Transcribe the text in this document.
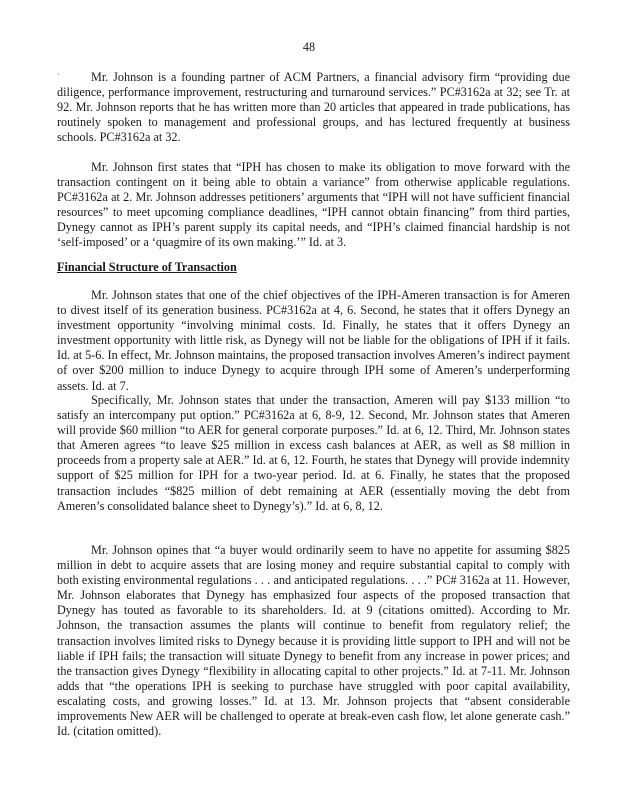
48
·	Mr. Johnson is a founding partner of ACM Partners, a financial advisory firm “providing due diligence, performance improvement, restructuring and turnaround services.” PC#3162a at 32; see Tr. at 92. Mr. Johnson reports that he has written more than 20 articles that appeared in trade publications, has routinely spoken to management and professional groups, and has lectured frequently at business schools. PC#3162a at 32.

Mr. Johnson first states that “IPH has chosen to make its obligation to move forward with the transaction contingent on it being able to obtain a variance” from otherwise applicable regulations. PC#3162a at 2. Mr. Johnson addresses petitioners’ arguments that “IPH will not have sufficient financial resources” to meet upcoming compliance deadlines, “IPH cannot obtain financing” from third parties, Dynegy cannot as IPH’s parent supply its capital needs, and “IPH’s claimed financial hardship is not ‘self-imposed’ or a ‘quagmire of its own making.’” Id. at 3.

Financial Structure of Transaction

Mr. Johnson states that one of the chief objectives of the IPH-Ameren transaction is for Ameren to divest itself of its generation business. PC#3162a at 4, 6. Second, he states that it offers Dynegy an investment opportunity “involving minimal costs. Id. Finally, he states that it offers Dynegy an investment opportunity with little risk, as Dynegy will not be liable for the obligations of IPH if it fails. Id. at 5-6. In effect, Mr. Johnson maintains, the proposed transaction involves Ameren’s indirect payment of over $200 million to induce Dynegy to acquire through IPH some of Ameren’s underperforming assets. Id. at 7.

Specifically, Mr. Johnson states that under the transaction, Ameren will pay $133 million “to satisfy an intercompany put option.” PC#3162a at 6, 8-9, 12. Second, Mr. Johnson states that Ameren will provide $60 million “to AER for general corporate purposes.” Id. at 6, 12. Third, Mr. Johnson states that Ameren agrees “to leave $25 million in excess cash balances at AER, as well as $8 million in proceeds from a property sale at AER.” Id. at 6, 12. Fourth, he states that Dynegy will provide indemnity support of $25 million for IPH for a two-year period. Id. at 6. Finally, he states that the proposed transaction includes “$825 million of debt remaining at AER (essentially moving the debt from Ameren’s consolidated balance sheet to Dynegy’s).” Id. at 6, 8, 12.

Mr. Johnson opines that “a buyer would ordinarily seem to have no appetite for assuming $825 million in debt to acquire assets that are losing money and require substantial capital to comply with both existing environmental regulations . . . and anticipated regulations. . . .” PC# 3162a at 11. However, Mr. Johnson elaborates that Dynegy has emphasized four aspects of the proposed transaction that Dynegy has touted as favorable to its shareholders. Id. at 9 (citations omitted). According to Mr. Johnson, the transaction assumes the plants will continue to benefit from regulatory relief; the transaction involves limited risks to Dynegy because it is providing little support to IPH and will not be liable if IPH fails; the transaction will situate Dynegy to benefit from any increase in power prices; and the transaction gives Dynegy “flexibility in allocating capital to other projects.” Id. at 7-11. Mr. Johnson adds that “the operations IPH is seeking to purchase have struggled with poor capital availability, escalating costs, and growing losses.” Id. at 13. Mr. Johnson projects that “absent considerable improvements New AER will be challenged to operate at break-even cash flow, let alone generate cash.” Id. (citation omitted).
